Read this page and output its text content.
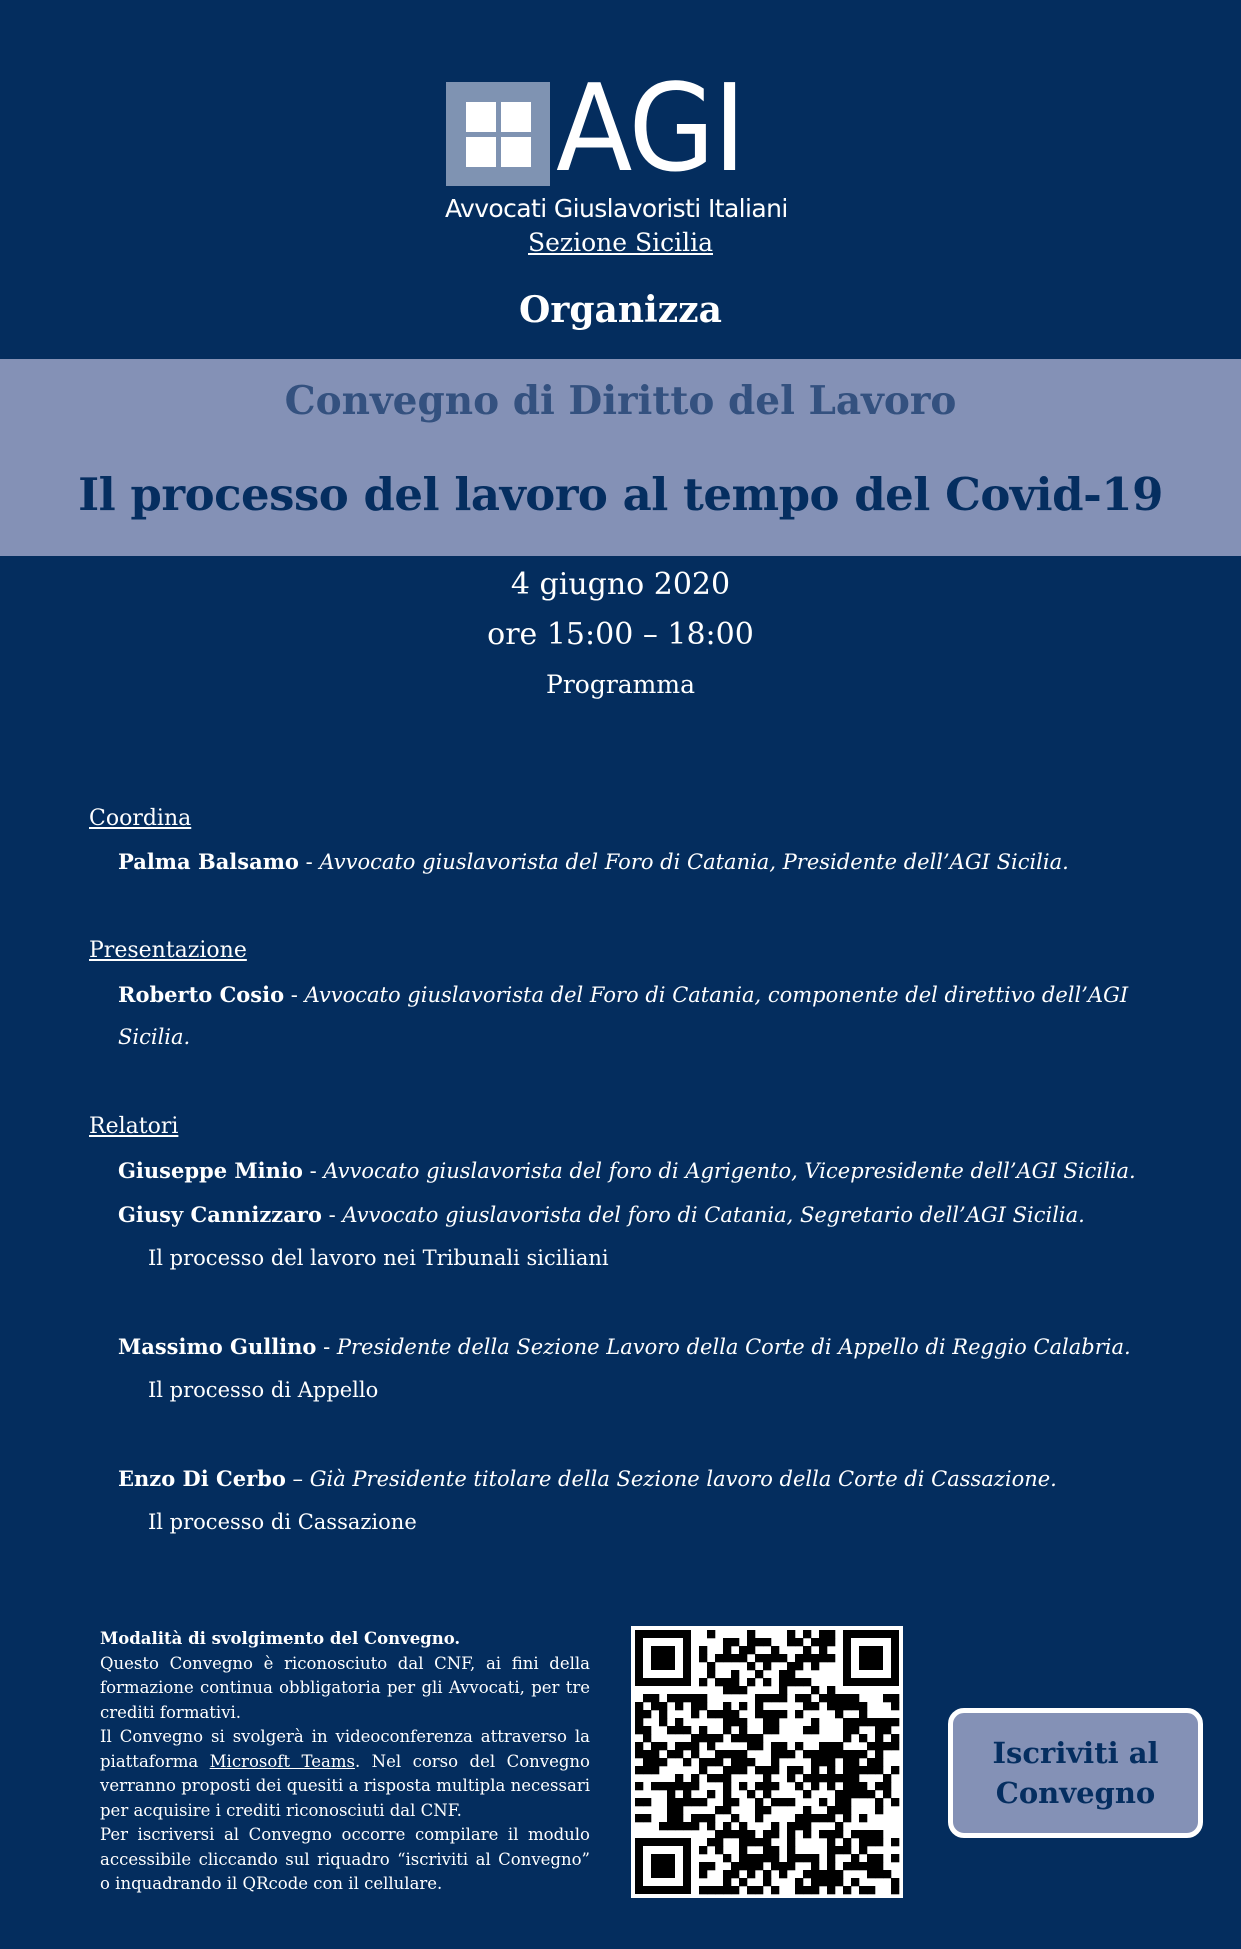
AGI
Avvocati Giuslavoristi Italiani
Sezione Sicilia
Organizza
Convegno di Diritto del Lavoro
Il processo del lavoro al tempo del Covid-19
4 giugno 2020
ore 15:00 – 18:00
Programma
Coordina
Palma Balsamo - Avvocato giuslavorista del Foro di Catania, Presidente dell’AGI Sicilia.
Presentazione
Roberto Cosio - Avvocato giuslavorista del Foro di Catania, componente del direttivo dell’AGI
Sicilia.
Relatori
Giuseppe Minio - Avvocato giuslavorista del foro di Agrigento, Vicepresidente dell’AGI Sicilia.
Giusy Cannizzaro - Avvocato giuslavorista del foro di Catania, Segretario dell’AGI Sicilia.
Il processo del lavoro nei Tribunali siciliani
Massimo Gullino - Presidente della Sezione Lavoro della Corte di Appello di Reggio Calabria.
Il processo di Appello
Enzo Di Cerbo – Già Presidente titolare della Sezione lavoro della Corte di Cassazione.
Il processo di Cassazione
Modalità di svolgimento del Convegno.
Questo Convegno è riconosciuto dal CNF, ai fini della formazione continua obbligatoria per gli Avvocati, per tre crediti formativi.
Il Convegno si svolgerà in videoconferenza attraverso la piattaforma Microsoft Teams. Nel corso del Convegno verranno proposti dei quesiti a risposta multipla necessari per acquisire i crediti riconosciuti dal CNF.
Per iscriversi al Convegno occorre compilare il modulo accessibile cliccando sul riquadro “iscriviti al Convegno” o inquadrando il QRcode con il cellulare.
Iscriviti al
Convegno
